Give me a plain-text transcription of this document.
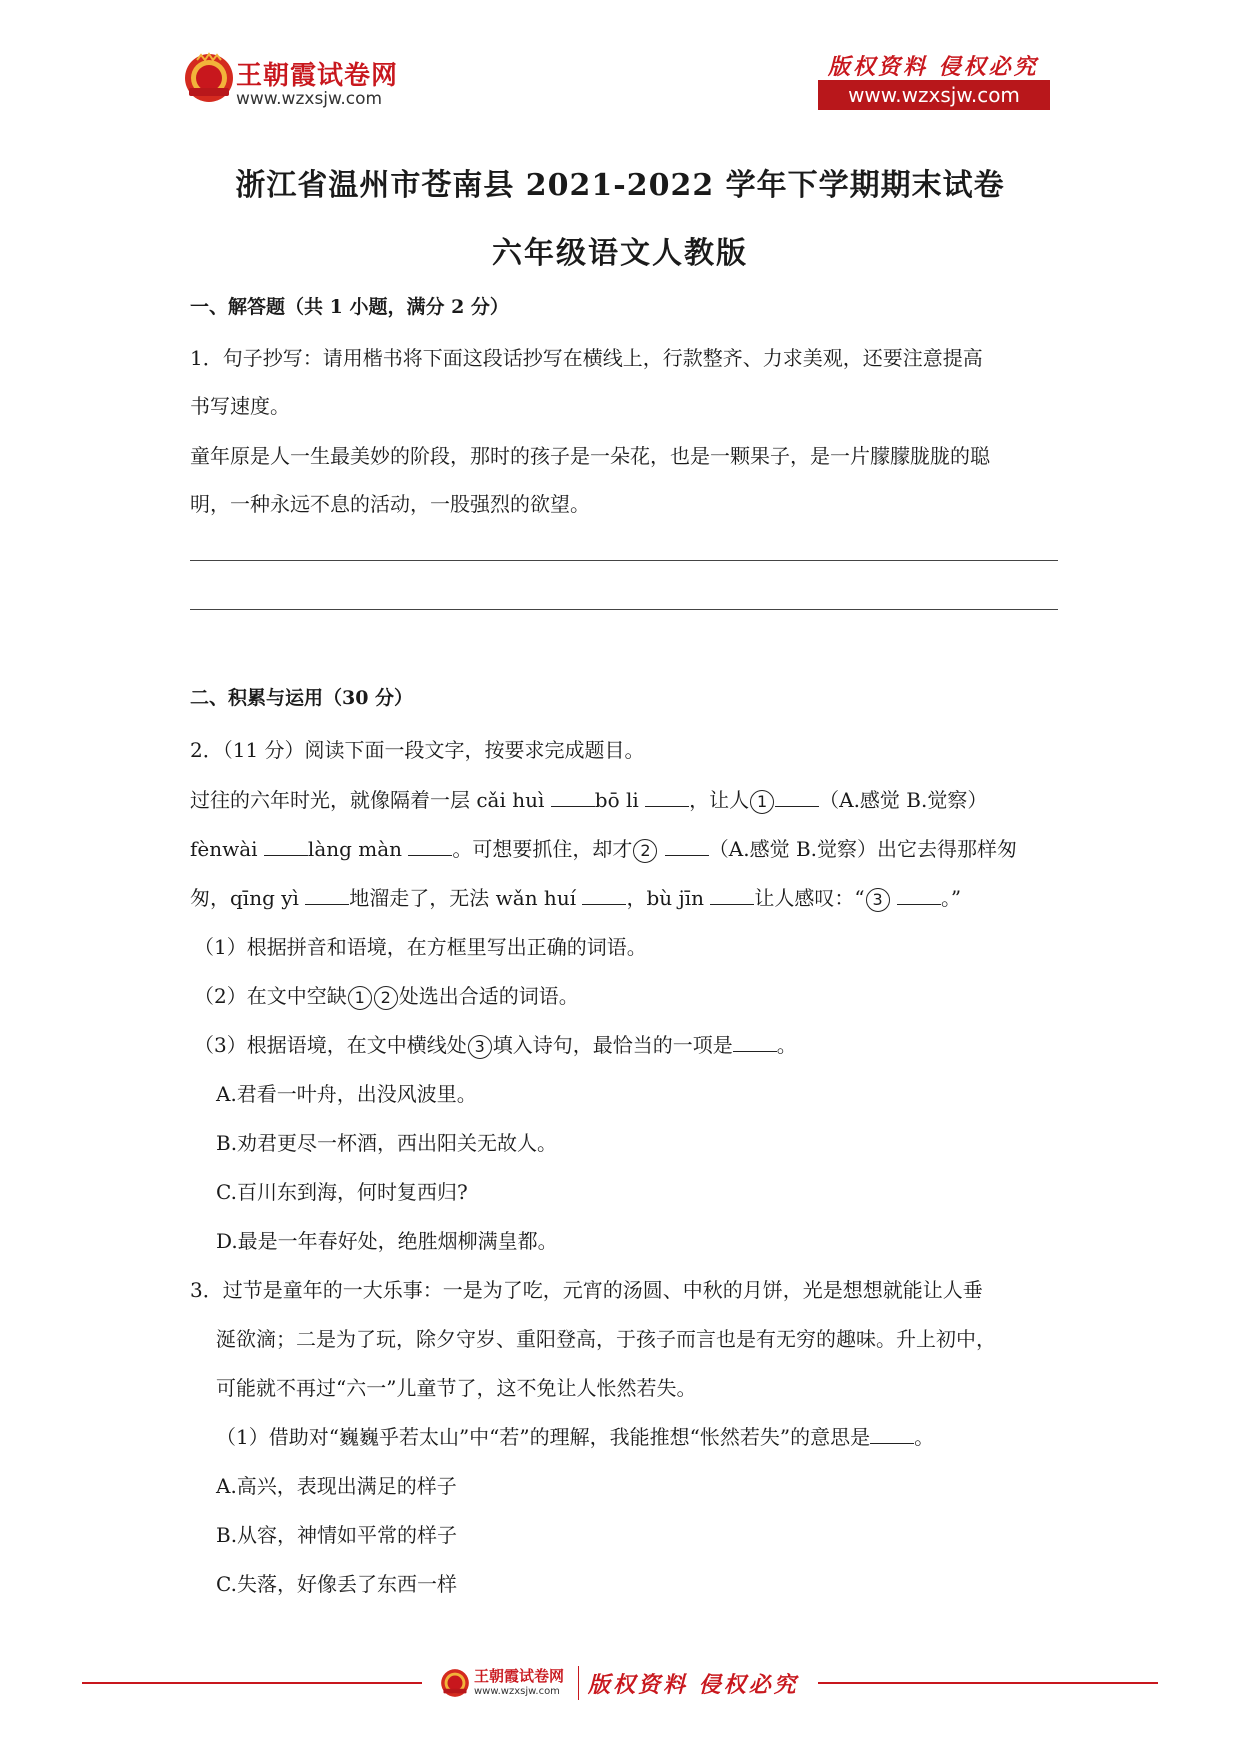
王朝霞试卷网
www.wzxsjw.com
版权资料 侵权必究
www.wzxsjw.com
浙江省温州市苍南县 2021-2022 学年下学期期末试卷
六年级语文人教版
一、解答题（共 1 小题，满分 2 分）
1．句子抄写：请用楷书将下面这段话抄写在横线上，行款整齐、力求美观，还要注意提高
书写速度。
童年原是人一生最美妙的阶段，那时的孩子是一朵花，也是一颗果子，是一片朦朦胧胧的聪
明，一种永远不息的活动，一股强烈的欲望。
二、积累与运用（30 分）
2．（11 分）阅读下面一段文字，按要求完成题目。
过往的六年时光，就像隔着一层 cǎi huì bō li ，让人 1	（A.感觉 B.觉察）
fènwài làng màn 。可想要抓住，却才 2	（A.感觉 B.觉察）出它去得那样匆
匆，qīng yì 地溜走了，无法 wǎn huí ，bù jīn 让人感叹：“ 3	。”
（1）根据拼音和语境，在方框里写出正确的词语。
（2）在文中空缺 1 2 处选出合适的词语。
（3）根据语境，在文中横线处 3 填入诗句，最恰当的一项是 。
A.君看一叶舟，出没风波里。
B.劝君更尽一杯酒，西出阳关无故人。
C.百川东到海，何时复西归?
D.最是一年春好处，绝胜烟柳满皇都。
3．过节是童年的一大乐事：一是为了吃，元宵的汤圆、中秋的月饼，光是想想就能让人垂
涎欲滴；二是为了玩，除夕守岁、重阳登高，于孩子而言也是有无穷的趣味。升上初中，
可能就不再过“六一”儿童节了，这不免让人怅然若失。
（1）借助对“巍巍乎若太山”中“若”的理解，我能推想“怅然若失”的意思是 。
A.高兴，表现出满足的样子
B.从容，神情如平常的样子
C.失落，好像丢了东西一样
王朝霞试卷网
www.wzxsjw.com 版权资料 侵权必究
